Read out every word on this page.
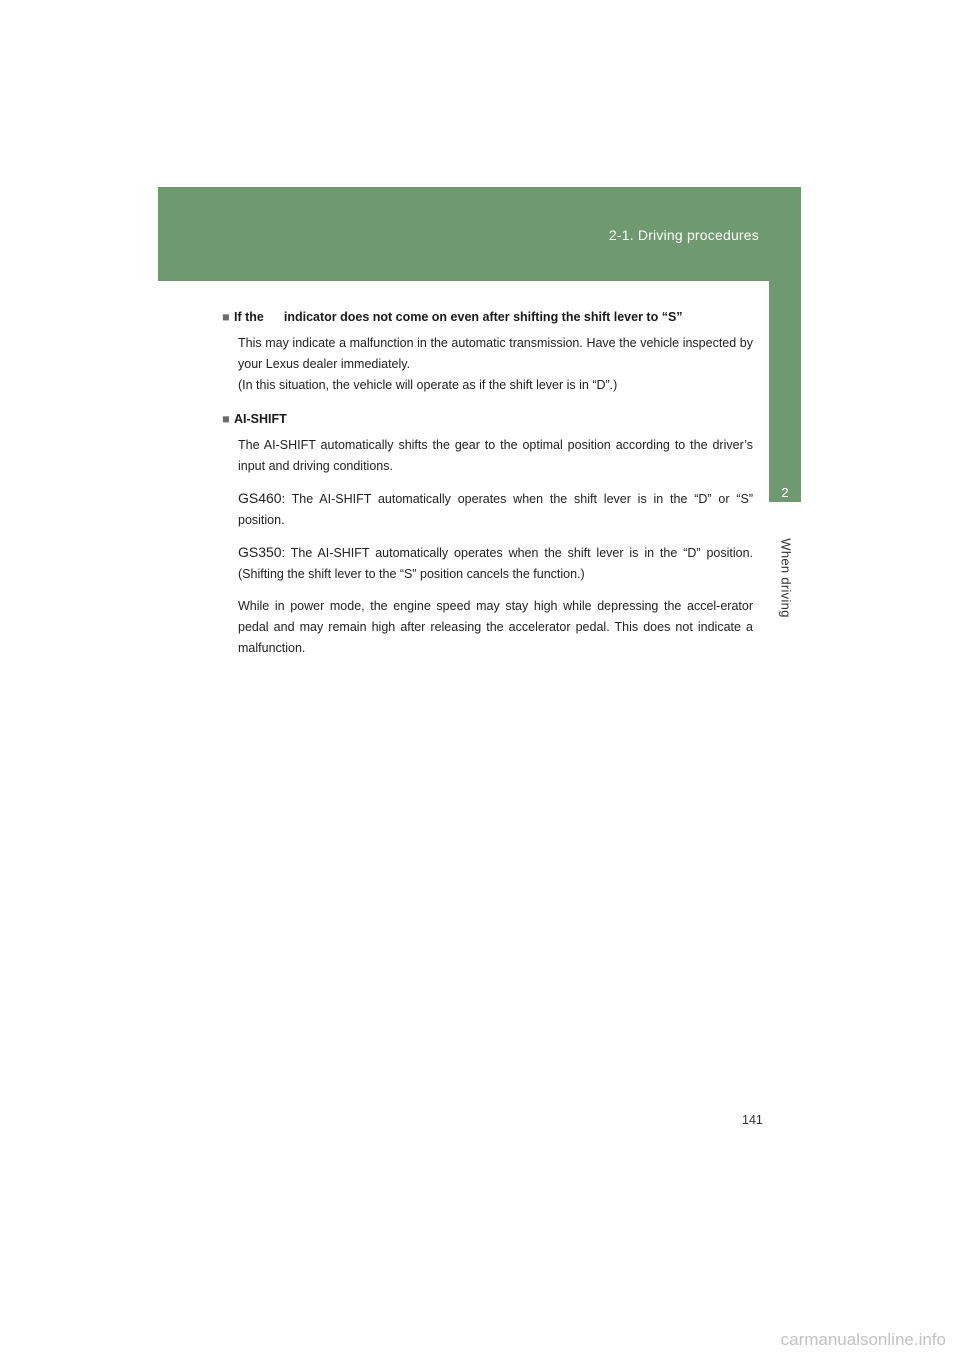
2-1. Driving procedures
2
When driving
■ If the indicator does not come on even after shifting the shift lever to “S”

This may indicate a malfunction in the automatic transmission. Have the vehicle inspected by your Lexus dealer immediately.

(In this situation, the vehicle will operate as if the shift lever is in “D”.)

■ AI-SHIFT

The AI-SHIFT automatically shifts the gear to the optimal position according to the driver’s input and driving conditions.

GS460: The AI-SHIFT automatically operates when the shift lever is in the “D” or “S” position.

GS350: The AI-SHIFT automatically operates when the shift lever is in the “D” position. (Shifting the shift lever to the “S” position cancels the function.)

While in power mode, the engine speed may stay high while depressing the accel-erator pedal and may remain high after releasing the accelerator pedal. This does not indicate a malfunction.

141
carmanualsonline.info
